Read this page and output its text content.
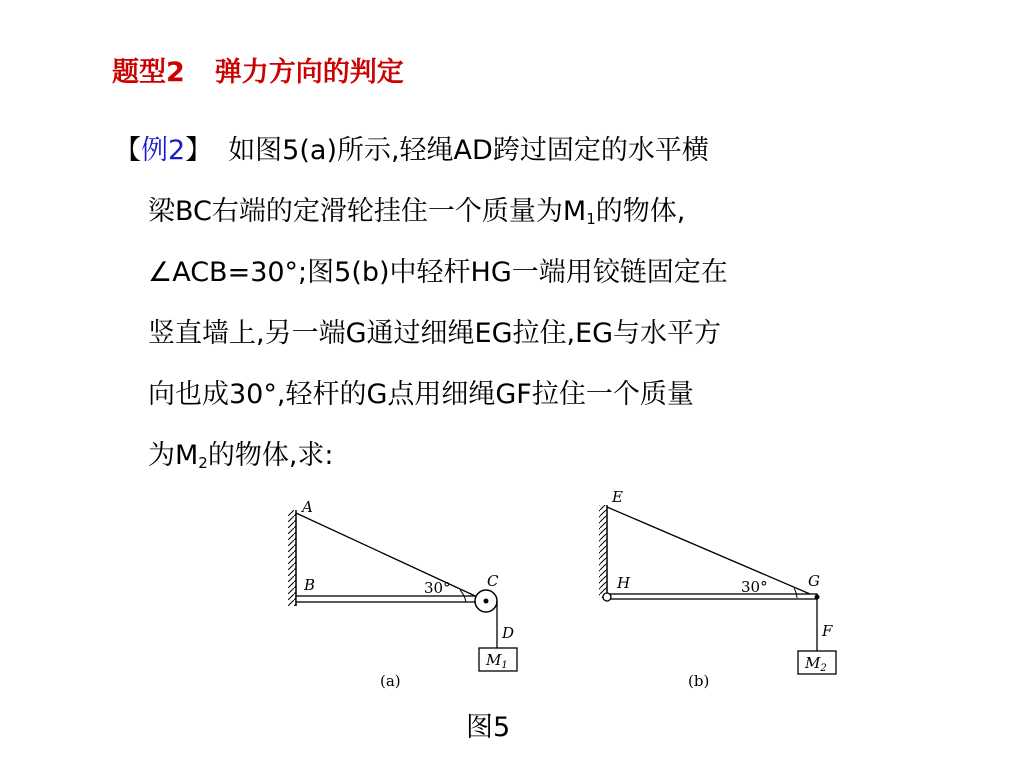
题型2 弹力方向的判定
【例2】 如图5(a)所示,轻绳AD跨过固定的水平横
梁BC右端的定滑轮挂住一个质量为$M_1$的物体,
∠ACB=30°;图5(b)中轻杆HG一端用铰链固定在
竖直墙上,另一端G通过细绳EG拉住,EG与水平方
向也成30°,轻杆的G点用细绳GF拉住一个质量
为$M_2$的物体,求:
A
B	C
D
30°
$M_1$
(a)
E
H	G
F
30°
$M_2$
(b)
图5
